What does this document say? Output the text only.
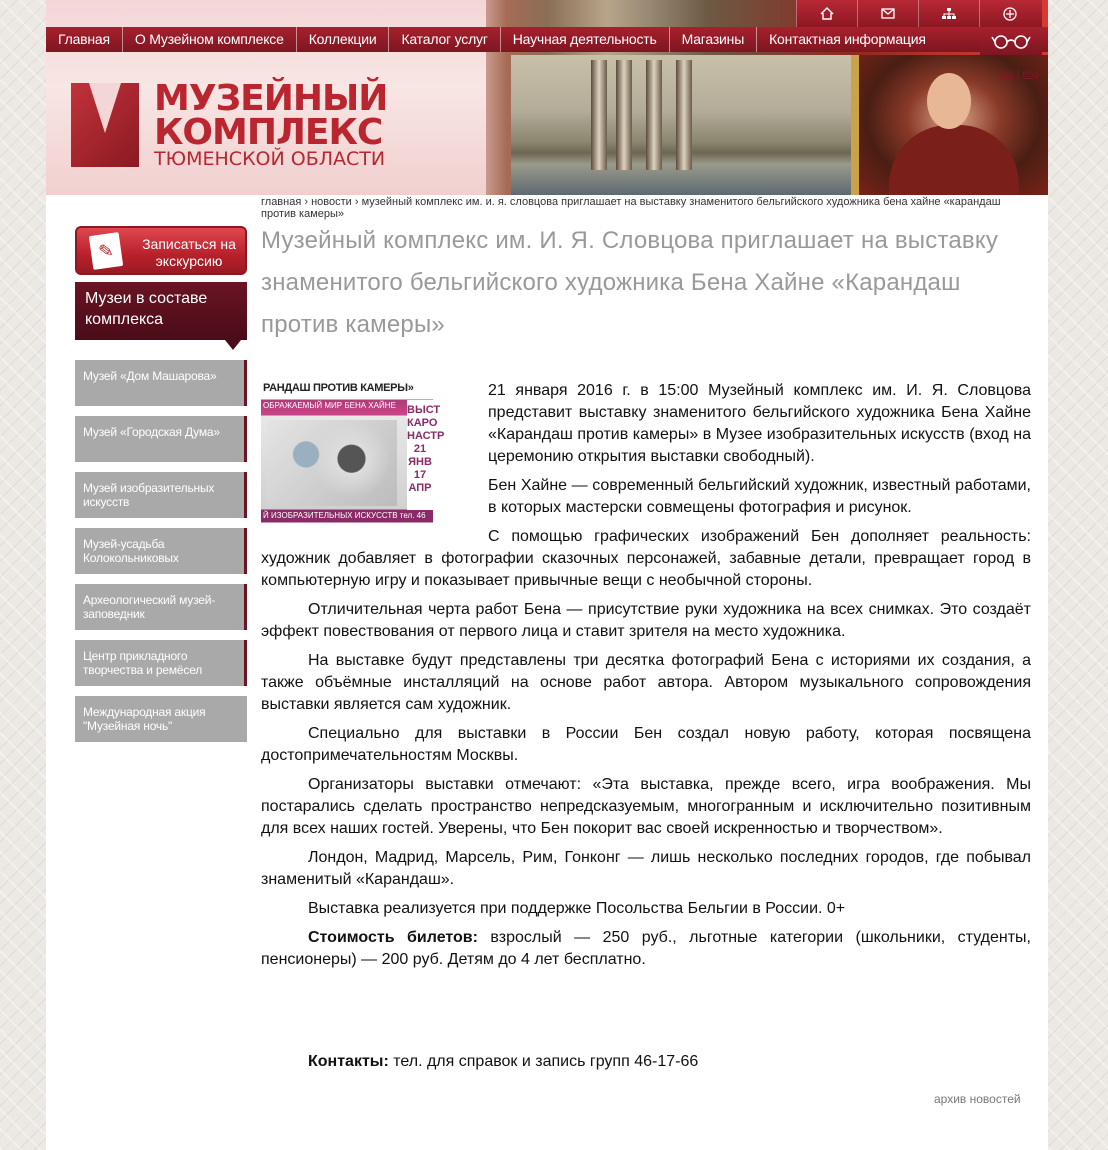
МУЗЕЙНЫЙ
КОМПЛЕКС
ТЮМЕНСКОЙ ОБЛАСТИ
Главная	О Музейном комплексе	Коллекции	Каталог услуг	Научная деятельность	Магазины	Контактная информация
rus | eng
главная › новости › музейный комплекс им. и. я. словцова приглашает на выставку знаменитого бельгийского художника бена хайне «карандаш против камеры»
Музейный комплекс им. И. Я. Словцова приглашает на выставку знаменитого бельгийского художника Бена Хайне «Карандаш против камеры»
✎	Записаться на экскурсию
Музеи в составе комплекса
Музей «Дом Машарова»
Музей «Городская Дума»
Музей изобразительных искусств
Музей-усадьба Колокольниковых
Археологический музей-заповедник
Центр прикладного творчества и ремёсел
Международная акция "Музейная ночь"

21 января 2016 г. в 15:00 Музейный комплекс им. И. Я. Словцова представит выставку знаменитого бельгийского художника Бена Хайне «Карандаш против камеры» в Музее изобразительных искусств (вход на церемонию открытия выставки свободный).

Бен Хайне — современный бельгийский художник, известный работами, в которых мастерски совмещены фотография и рисунок.

С помощью графических изображений Бен дополняет реальность: художник добавляет в фотографии сказочных персонажей, забавные детали, превращает город в компьютерную игру и показывает привычные вещи с необычной стороны.

Отличительная черта работ Бена — присутствие руки художника на всех снимках. Это создаёт эффект повествования от первого лица и ставит зрителя на место художника.

На выставке будут представлены три десятка фотографий Бена с историями их создания, а также объёмные инсталляций на основе работ автора. Автором музыкального сопровождения выставки является сам художник.

Специально для выставки в России Бен создал новую работу, которая посвящена достопримечательностям Москвы.

Организаторы выставки отмечают: «Эта выставка, прежде всего, игра воображения. Мы постарались сделать пространство непредсказуемым, многогранным и исключительно позитивным для всех наших гостей. Уверены, что Бен покорит вас своей искренностью и творчеством».

Лондон, Мадрид, Марсель, Рим, Гонконг — лишь несколько последних городов, где побывал знаменитый «Карандаш».

Выставка реализуется при поддержке Посольства Бельгии в России. 0+

Стоимость билетов: взрослый — 250 руб., льготные категории (школьники, студенты, пенсионеры) — 200 руб. Детям до 4 лет бесплатно.

РАНДАШ ПРОТИВ КАМЕРЫ»
ОБРАЖАЕМЫЙ МИР БЕНА ХАЙНЕ ВЫСТ КАРО НАСТР 21 ЯНВ 17 АПР
Й ИЗОБРАЗИТЕЛЬНЫХ ИСКУССТВ тел. 46
Контакты: тел. для справок и запись групп 46-17-66
архив новостей
